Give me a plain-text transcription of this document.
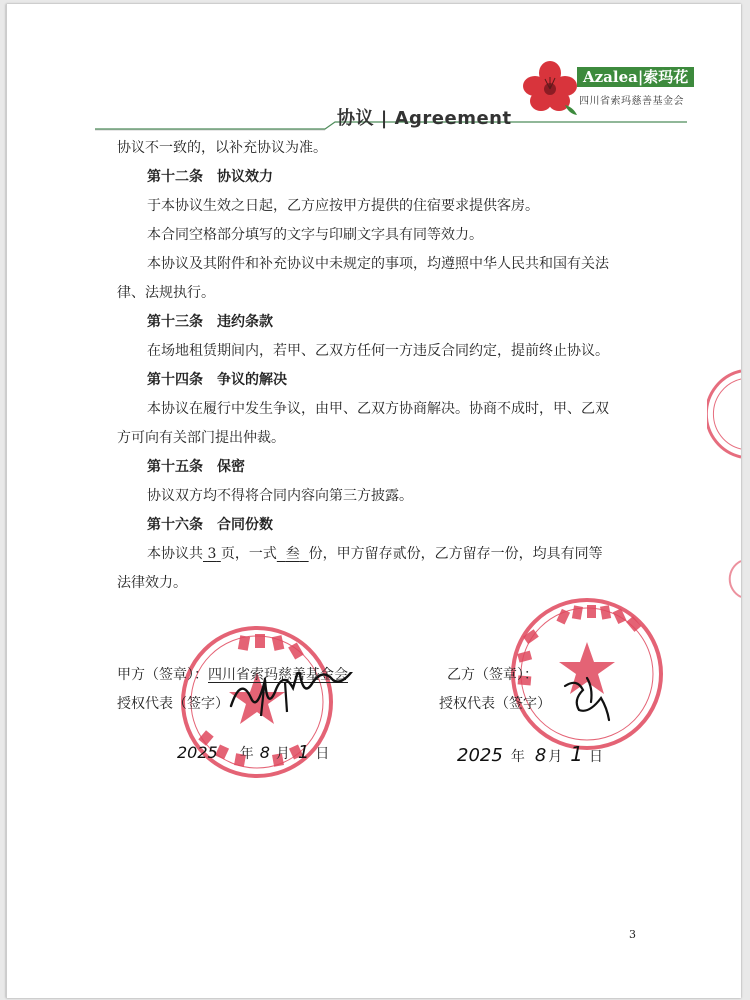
协议 | Agreement
Azalea|索玛花
四川省索玛慈善基金会
协议不一致的，以补充协议为准。
第十二条　协议效力
于本协议生效之日起，乙方应按甲方提供的住宿要求提供客房。
本合同空格部分填写的文字与印刷文字具有同等效力。
本协议及其附件和补充协议中未规定的事项，均遵照中华人民共和国有关法
律、法规执行。
第十三条　违约条款
在场地租赁期间内，若甲、乙双方任何一方违反合同约定，提前终止协议。
第十四条　争议的解决
本协议在履行中发生争议，由甲、乙双方协商解决。协商不成时，甲、乙双
方可向有关部门提出仲裁。
第十五条　保密
协议双方均不得将合同内容向第三方披露。
第十六条　合同份数
本协议共 3 页，一式 叁 份，甲方留存贰份，乙方留存一份，均具有同等
法律效力。
甲方（签章）：四川省索玛慈善基金会
授权代表（签字）
乙方（签章）：
授权代表（签字）
2025 年 8 月 1 日	2025 年 8 月 1 日
3
